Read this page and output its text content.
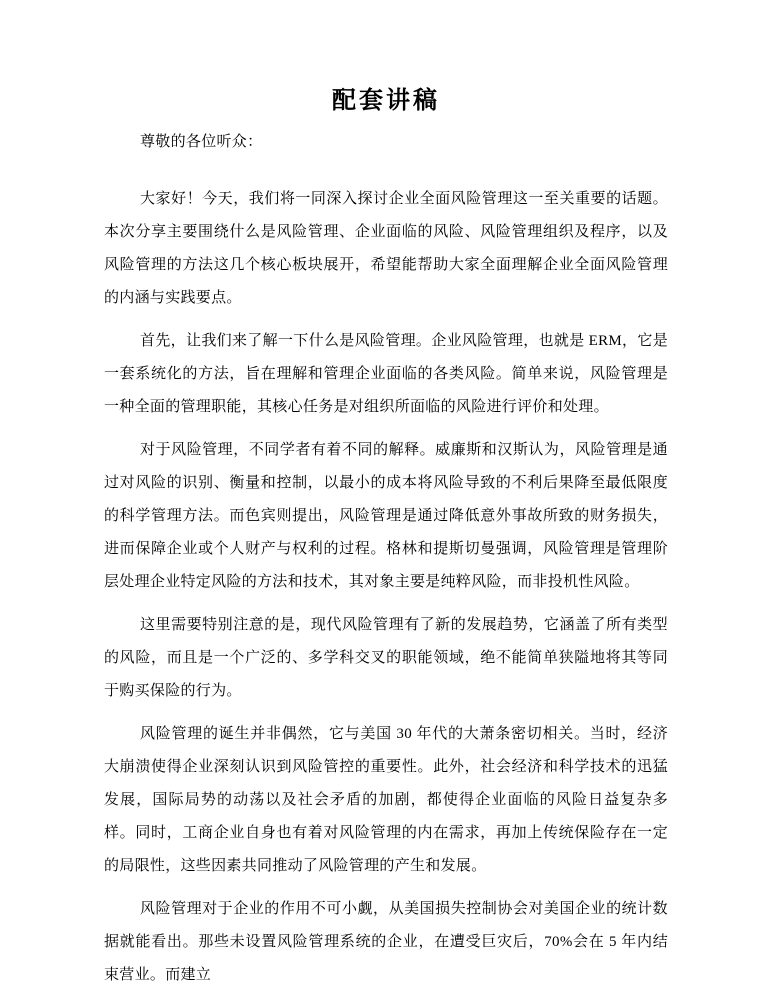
配套讲稿

尊敬的各位听众：

大家好！今天，我们将一同深入探讨企业全面风险管理这一至关重要的话题。本次分享主要围绕什么是风险管理、企业面临的风险、风险管理组织及程序，以及风险管理的方法这几个核心板块展开，希望能帮助大家全面理解企业全面风险管理的内涵与实践要点。

首先，让我们来了解一下什么是风险管理。企业风险管理，也就是 ERM，它是一套系统化的方法，旨在理解和管理企业面临的各类风险。简单来说，风险管理是一种全面的管理职能，其核心任务是对组织所面临的风险进行评价和处理。

对于风险管理，不同学者有着不同的解释。威廉斯和汉斯认为，风险管理是通过对风险的识别、衡量和控制，以最小的成本将风险导致的不利后果降至最低限度的科学管理方法。而色宾则提出，风险管理是通过降低意外事故所致的财务损失，进而保障企业或个人财产与权利的过程。格林和提斯切曼强调，风险管理是管理阶层处理企业特定风险的方法和技术，其对象主要是纯粹风险，而非投机性风险。

这里需要特别注意的是，现代风险管理有了新的发展趋势，它涵盖了所有类型的风险，而且是一个广泛的、多学科交叉的职能领域，绝不能简单狭隘地将其等同于购买保险的行为。

风险管理的诞生并非偶然，它与美国 30 年代的大萧条密切相关。当时，经济大崩溃使得企业深刻认识到风险管控的重要性。此外，社会经济和科学技术的迅猛发展，国际局势的动荡以及社会矛盾的加剧，都使得企业面临的风险日益复杂多样。同时，工商企业自身也有着对风险管理的内在需求，再加上传统保险存在一定的局限性，这些因素共同推动了风险管理的产生和发展。

风险管理对于企业的作用不可小觑，从美国损失控制协会对美国企业的统计数据就能看出。那些未设置风险管理系统的企业，在遭受巨灾后，70%会在 5 年内结束营业。而建立
